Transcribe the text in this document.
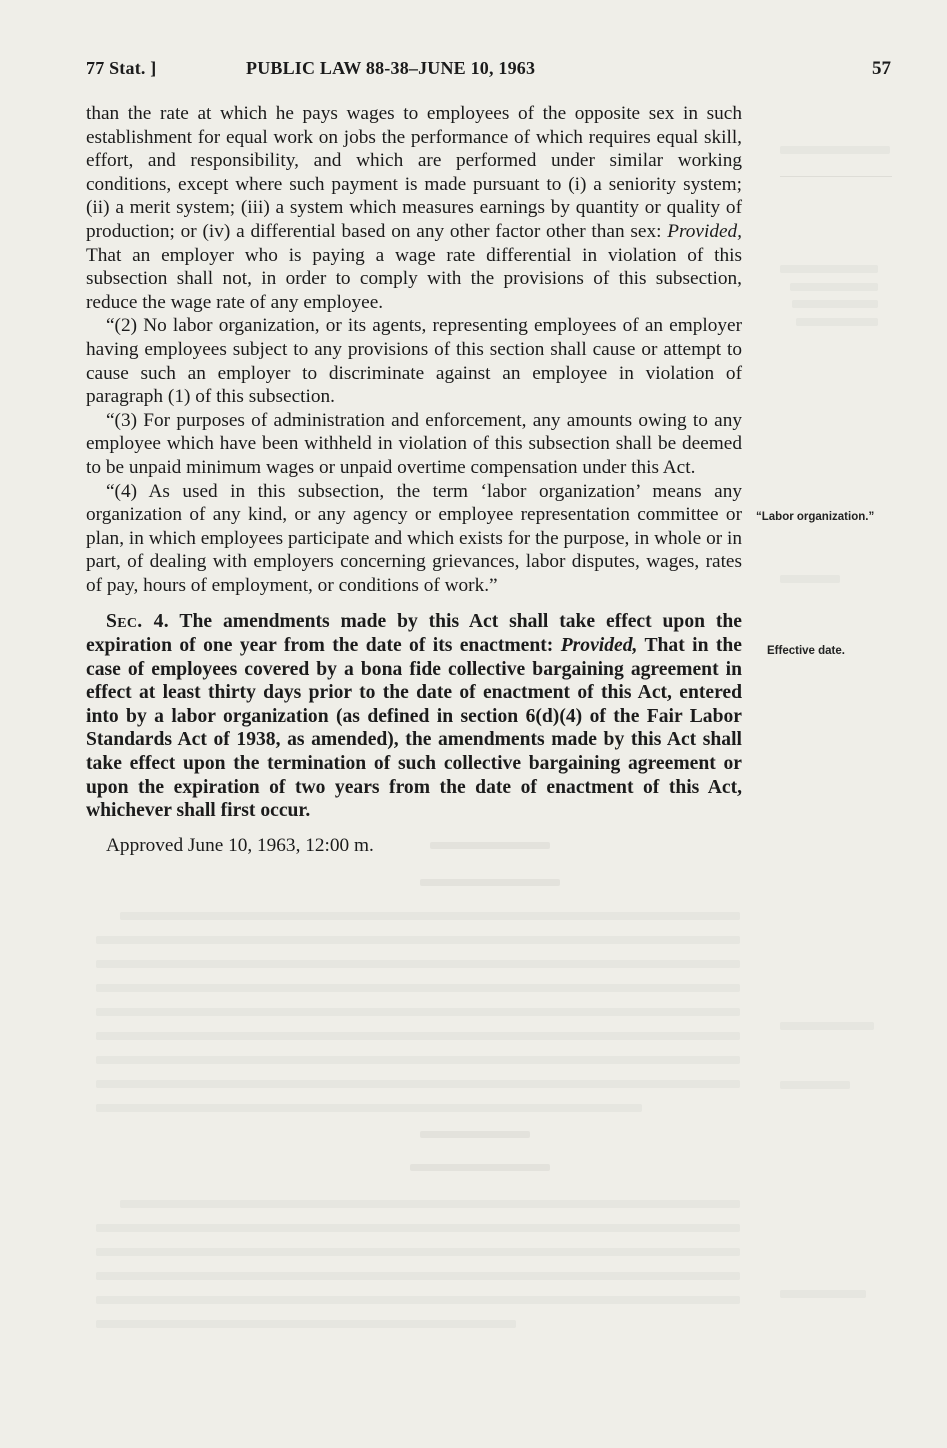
77 Stat. ]	PUBLIC LAW 88-38–JUNE 10, 1963	57

than the rate at which he pays wages to employees of the opposite sex in such establishment for equal work on jobs the performance of which requires equal skill, effort, and responsibility, and which are performed under similar working conditions, except where such payment is made pursuant to (i) a seniority system; (ii) a merit system; (iii) a system which measures earnings by quantity or quality of production; or (iv) a differential based on any other factor other than sex: Provided, That an employer who is paying a wage rate differential in violation of this subsection shall not, in order to comply with the provisions of this subsection, reduce the wage rate of any employee.

“(2) No labor organization, or its agents, representing employees of an employer having employees subject to any provisions of this section shall cause or attempt to cause such an employer to discriminate against an employee in violation of paragraph (1) of this subsection.

“(3) For purposes of administration and enforcement, any amounts owing to any employee which have been withheld in violation of this subsection shall be deemed to be unpaid minimum wages or unpaid overtime compensation under this Act.

“(4) As used in this subsection, the term ‘labor organization’ means any organization of any kind, or any agency or employee representation committee or plan, in which employees participate and which exists for the purpose, in whole or in part, of dealing with employers concerning grievances, labor disputes, wages, rates of pay, hours of employment, or conditions of work.”

Sec. 4. The amendments made by this Act shall take effect upon the expiration of one year from the date of its enactment: Provided, That in the case of employees covered by a bona fide collective bargaining agreement in effect at least thirty days prior to the date of enactment of this Act, entered into by a labor organization (as defined in section 6(d)(4) of the Fair Labor Standards Act of 1938, as amended), the amendments made by this Act shall take effect upon the termination of such collective bargaining agreement or upon the expiration of two years from the date of enactment of this Act, whichever shall first occur.

Approved June 10, 1963, 12:00 m.

“Labor organization.”
Effective date.
